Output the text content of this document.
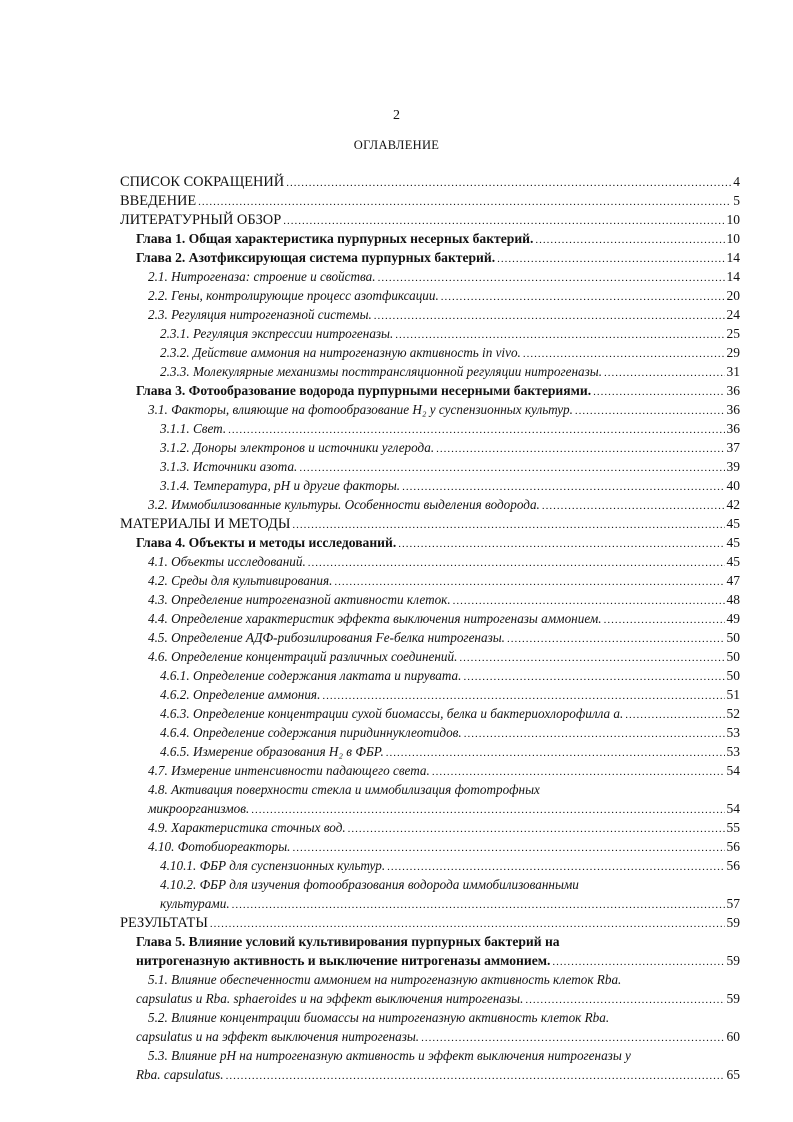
2
ОГЛАВЛЕНИЕ
СПИСОК СОКРАЩЕНИЙ .....	4
ВВЕДЕНИЕ .....	5
ЛИТЕРАТУРНЫЙ ОБЗОР .....	10
Глава 1. Общая характеристика пурпурных несерных бактерий. .....	10
Глава 2. Азотфиксирующая система пурпурных бактерий. .....	14
2.1. Нитрогеназа: строение и свойства. .....	14
2.2. Гены, контролирующие процесс азотфиксации. .....	20
2.3. Регуляция нитрогеназной системы. .....	24
2.3.1. Регуляция экспрессии нитрогеназы. .....	25
2.3.2. Действие аммония на нитрогеназную активность in vivo. .....	29
2.3.3. Молекулярные механизмы посттрансляционной регуляции нитрогеназы. .....	31
Глава 3. Фотообразование водорода пурпурными несерными бактериями. .....	36
3.1. Факторы, влияющие на фотообразование H₂ у суспензионных культур. .....	36
3.1.1. Свет. .....	36
3.1.2. Доноры электронов и источники углерода. .....	37
3.1.3. Источники азота. .....	39
3.1.4. Температура, pH и другие факторы. .....	40
3.2. Иммобилизованные культуры. Особенности выделения водорода. .....	42
МАТЕРИАЛЫ И МЕТОДЫ .....	45
Глава 4. Объекты и методы исследований. .....	45
4.1. Объекты исследований. .....	45
4.2. Среды для культивирования. .....	47
4.3. Определение нитрогеназной активности клеток. .....	48
4.4. Определение характеристик эффекта выключения нитрогеназы аммонием. .....	49
4.5. Определение АДФ-рибозилирования Fe-белка нитрогеназы. .....	50
4.6. Определение концентраций различных соединений. .....	50
4.6.1. Определение содержания лактата и пирувата. .....	50
4.6.2. Определение аммония. .....	51
4.6.3. Определение концентрации сухой биомассы, белка и бактериохлорофилла а. .....	52
4.6.4. Определение содержания пиридиннуклеотидов. .....	53
4.6.5. Измерение образования H₂ в ФБР. .....	53
4.7. Измерение интенсивности падающего света. .....	54
4.8. Активация поверхности стекла и иммобилизация фототрофных
микроорганизмов. .....	54
4.9. Характеристика сточных вод. .....	55
4.10. Фотобиореакторы. .....	56
4.10.1. ФБР для суспензионных культур. .....	56
4.10.2. ФБР для изучения фотообразования водорода иммобилизованными
культурами. .....	57
РЕЗУЛЬТАТЫ .....	59
Глава 5. Влияние условий культивирования пурпурных бактерий на
нитрогеназную активность и выключение нитрогеназы аммонием. .....	59
5.1. Влияние обеспеченности аммонием на нитрогеназную активность клеток Rba.
capsulatus и Rba. sphaeroides и на эффект выключения нитрогеназы. .....	59
5.2. Влияние концентрации биомассы на нитрогеназную активность клеток Rba.
capsulatus и на эффект выключения нитрогеназы. .....	60
5.3. Влияние pH на нитрогеназную активность и эффект выключения нитрогеназы у
Rba. capsulatus. .....	65
